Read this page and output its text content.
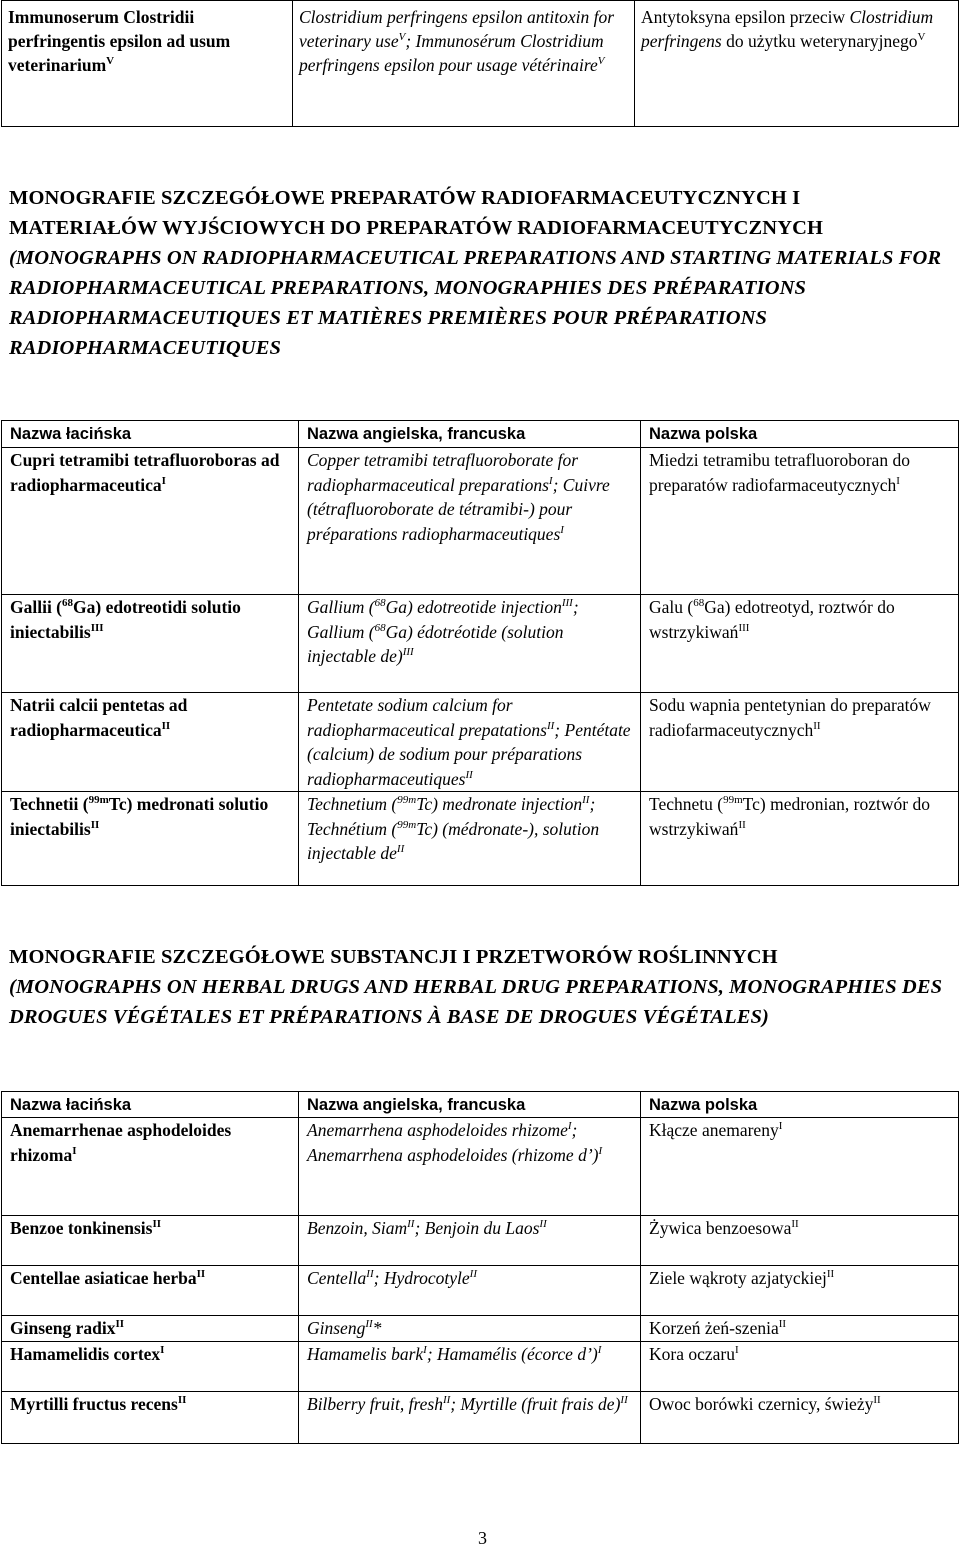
Immunoserum Clostridii perfringentis epsilon ad usum veterinarium$^V$	Clostridium perfringens epsilon antitoxin for veterinary use$^V$; Immunosérum Clostridium perfringens epsilon pour usage vétérinaire$^V$	Antytoksyna epsilon przeciw Clostridium perfringens do użytku weterynaryjnego$^V$
MONOGRAFIE SZCZEGÓŁOWE PREPARATÓW RADIOFARMACEUTYCZNYCH I MATERIAŁÓW WYJŚCIOWYCH DO PREPARATÓW RADIOFARMACEUTYCZNYCH
(MONOGRAPHS ON RADIOPHARMACEUTICAL PREPARATIONS AND STARTING MATERIALS FOR RADIOPHARMACEUTICAL PREPARATIONS, MONOGRAPHIES DES PRÉPARATIONS RADIOPHARMACEUTIQUES ET MATIÈRES PREMIÈRES POUR PRÉPARATIONS RADIOPHARMACEUTIQUES
Nazwa łacińska	Nazwa angielska, francuska	Nazwa polska
Cupri tetramibi tetrafluoroboras ad radiopharmaceutica$^I$	Copper tetramibi tetrafluoroborate for radiopharmaceutical preparations$^I$; Cuivre (tétrafluoroborate de tétramibi-) pour préparations radiopharmaceutiques$^I$	Miedzi tetramibu tetrafluoroboran do preparatów radiofarmaceutycznych$^I$
Gallii ($^{68}$Ga) edotreotidi solutio iniectabilis$^{III}$	Gallium ($^{68}$Ga) edotreotide injection$^{III}$; Gallium ($^{68}$Ga) édotréotide (solution injectable de)$^{III}$	Galu ($^{68}$Ga) edotreotyd, roztwór do wstrzykiwań$^{III}$
Natrii calcii pentetas ad radiopharmaceutica$^{II}$	Pentetate sodium calcium for radiopharmaceutical prepatations$^{II}$; Pentétate (calcium) de sodium pour préparations radiopharmaceutiques$^{II}$	Sodu wapnia pentetynian do preparatów radiofarmaceutycznych$^{II}$
Technetii ($^{99m}$Tc) medronati solutio iniectabilis$^{II}$	Technetium ($^{99m}$Tc) medronate injection$^{II}$; Technétium ($^{99m}$Tc) (médronate-), solution injectable $de^{II}$	Technetu ($^{99m}$Tc) medronian, roztwór do wstrzykiwań$^{II}$
MONOGRAFIE SZCZEGÓŁOWE SUBSTANCJI I PRZETWORÓW ROŚLINNYCH
(MONOGRAPHS ON HERBAL DRUGS AND HERBAL DRUG PREPARATIONS, MONOGRAPHIES DES DROGUES VÉGÉTALES ET PRÉPARATIONS À BASE DE DROGUES VÉGÉTALES)
Nazwa łacińska	Nazwa angielska, francuska	Nazwa polska
Anemarrhenae asphodeloides rhizoma$^I$	Anemarrhena asphodeloides rhizome$^I$; Anemarrhena asphodeloides (rhizome d’)$^I$	Kłącze anemareny$^I$
Benzoe tonkinensis$^{II}$	Benzoin, Siam$^{II}$; Benjoin du Laos$^{II}$	Żywica benzoesowa$^{II}$
Centellae asiaticae herba$^{II}$	Centella$^{II}$; Hydrocotyle$^{II}$	Ziele wąkroty azjatyckiej$^{II}$
Ginseng radix$^{II}$	Ginseng$^{II}$*	Korzeń żeń-szenia$^{II}$
Hamamelidis cortex$^I$	Hamamelis bark$^I$; Hamamélis (écorce d’)$^I$	Kora oczaru$^I$
Myrtilli fructus recens$^{II}$	Bilberry fruit, fresh$^{II}$; Myrtille (fruit frais de)$^{II}$	Owoc borówki czernicy, świeży$^{II}$
3
